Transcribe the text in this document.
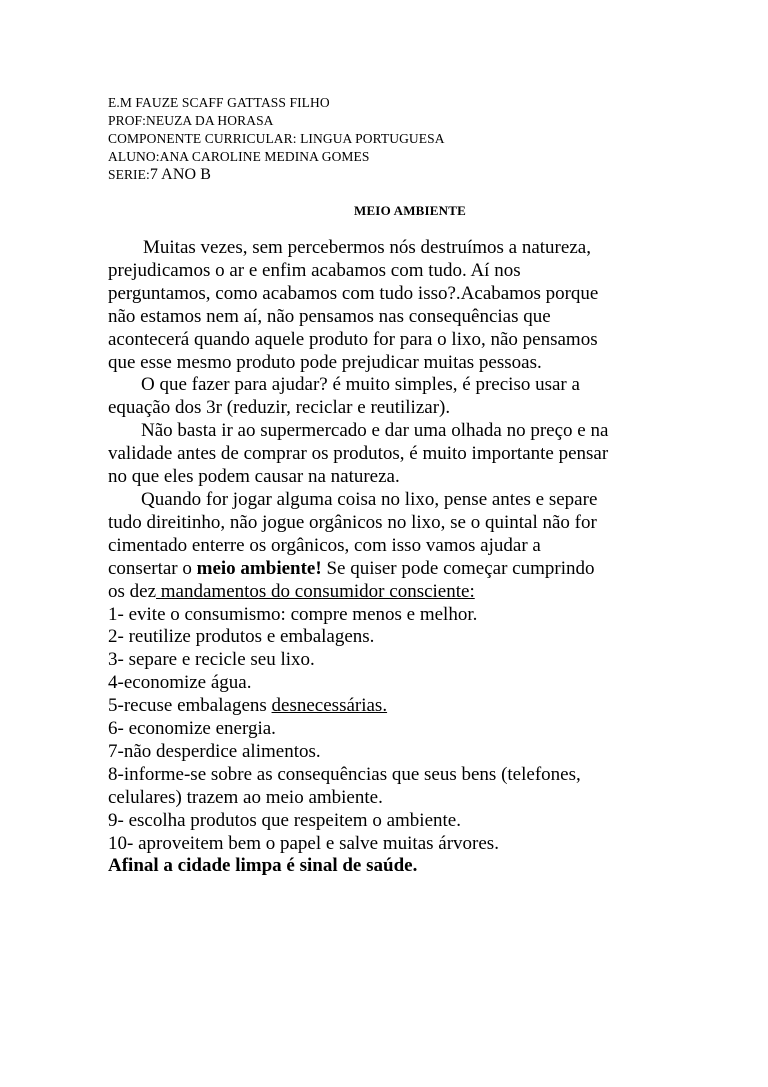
E.M FAUZE SCAFF GATTASS FILHO
PROF:NEUZA DA HORASA
COMPONENTE CURRICULAR: LINGUA PORTUGUESA
ALUNO:ANA CAROLINE MEDINA GOMES
SERIE:7 ANO B
MEIO AMBIENTE
Muitas vezes, sem percebermos nós destruímos a natureza,
prejudicamos o ar e enfim acabamos com tudo. Aí nos
perguntamos, como acabamos com tudo isso?.Acabamos porque
não estamos nem aí, não pensamos nas consequências que
acontecerá quando aquele produto for para o lixo, não pensamos
que esse mesmo produto pode prejudicar muitas pessoas.
O que fazer para ajudar? é muito simples, é preciso usar a
equação dos 3r (reduzir, reciclar e reutilizar).
Não basta ir ao supermercado e dar uma olhada no preço e na
validade antes de comprar os produtos, é muito importante pensar
no que eles podem causar na natureza.
Quando for jogar alguma coisa no lixo, pense antes e separe
tudo direitinho, não jogue orgânicos no lixo, se o quintal não for
cimentado enterre os orgânicos, com isso vamos ajudar a
consertar o meio ambiente! Se quiser pode começar cumprindo
os dez mandamentos do consumidor consciente:
1- evite o consumismo: compre menos e melhor.
2- reutilize produtos e embalagens.
3- separe e recicle seu lixo.
4-economize água.
5-recuse embalagens desnecessárias.
6- economize energia.
7-não desperdice alimentos.
8-informe-se sobre as consequências que seus bens (telefones,
celulares) trazem ao meio ambiente.
9- escolha produtos que respeitem o ambiente.
10- aproveitem bem o papel e salve muitas árvores.
Afinal a cidade limpa é sinal de saúde.
